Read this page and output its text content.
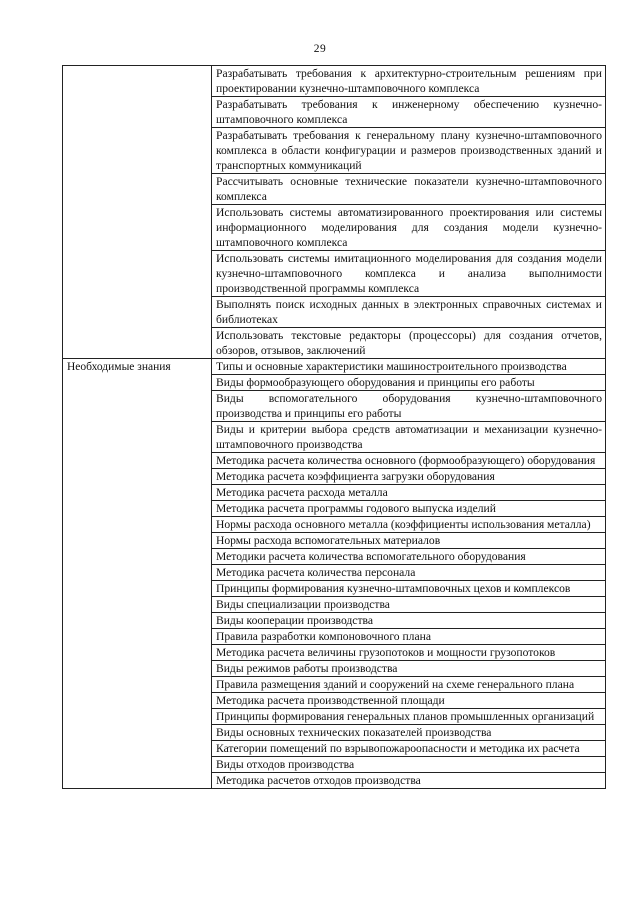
29

	Разрабатывать требования к архитектурно-строительным решениям при проектировании кузнечно-штамповочного комплекса

	Разрабатывать требования к инженерному обеспечению кузнечно-штамповочного комплекса

	Разрабатывать требования к генеральному плану кузнечно-штамповочного комплекса в области конфигурации и размеров производственных зданий и транспортных коммуникаций

	Рассчитывать основные технические показатели кузнечно-штамповочного комплекса

	Использовать системы автоматизированного проектирования или системы информационного моделирования для создания модели кузнечно-штамповочного комплекса

	Использовать системы имитационного моделирования для создания модели кузнечно-штамповочного комплекса и анализа выполнимости производственной программы комплекса

	Выполнять поиск исходных данных в электронных справочных системах и библиотеках

	Использовать текстовые редакторы (процессоры) для создания отчетов, обзоров, отзывов, заключений

Необходимые знания	Типы и основные характеристики машиностроительного производства

	Виды формообразующего оборудования и принципы его работы

	Виды вспомогательного оборудования кузнечно-штамповочного производства и принципы его работы

	Виды и критерии выбора средств автоматизации и механизации кузнечно-штамповочного производства

	Методика расчета количества основного (формообразующего) оборудования

	Методика расчета коэффициента загрузки оборудования

	Методика расчета расхода металла

	Методика расчета программы годового выпуска изделий

	Нормы расхода основного металла (коэффициенты использования металла)

	Нормы расхода вспомогательных материалов

	Методики расчета количества вспомогательного оборудования

	Методика расчета количества персонала

	Принципы формирования кузнечно-штамповочных цехов и комплексов

	Виды специализации производства

	Виды кооперации производства

	Правила разработки компоновочного плана

	Методика расчета величины грузопотоков и мощности грузопотоков

	Виды режимов работы производства

	Правила размещения зданий и сооружений на схеме генерального плана

	Методика расчета производственной площади

	Принципы формирования генеральных планов промышленных организаций

	Виды основных технических показателей производства

	Категории помещений по взрывопожароопасности и методика их расчета

	Виды отходов производства

	Методика расчетов отходов производства
